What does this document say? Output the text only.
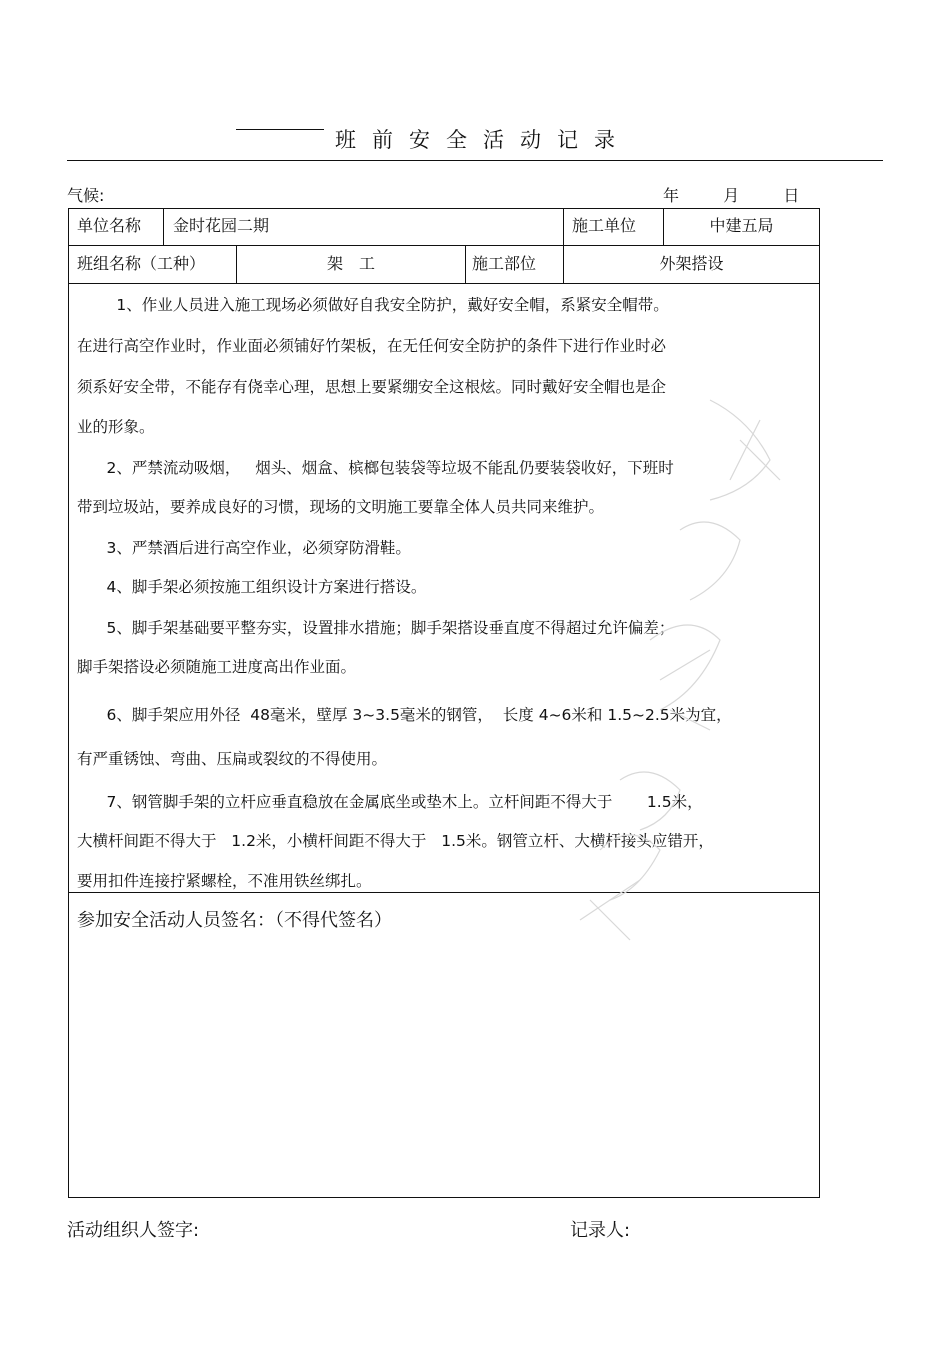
班前安全活动记录
气候:	年	月	日
单位名称 金时花园二期	施工单位	中建五局
班组名称（工种）	架　工	施工部位	外架搭设
1、作业人员进入施工现场必须做好自我安全防护，戴好安全帽，系紧安全帽带。
在进行高空作业时，作业面必须铺好竹架板，在无任何安全防护的条件下进行作业时必
须系好安全带，不能存有侥幸心理，思想上要紧绷安全这根炫。同时戴好安全帽也是企
业的形象。
2、严禁流动吸烟，   烟头、烟盒、槟榔包装袋等垃圾不能乱仍要装袋收好，下班时
带到垃圾站，要养成良好的习惯，现场的文明施工要靠全体人员共同来维护。
3、严禁酒后进行高空作业，必须穿防滑鞋。
4、脚手架必须按施工组织设计方案进行搭设。
5、脚手架基础要平整夯实，设置排水措施；脚手架搭设垂直度不得超过允许偏差；
脚手架搭设必须随施工进度高出作业面。
6、脚手架应用外径  48毫米，壁厚 3~3.5毫米的钢管，  长度 4~6米和 1.5~2.5米为宜，
有严重锈蚀、弯曲、压扁或裂纹的不得使用。
7、钢管脚手架的立杆应垂直稳放在金属底坐或垫木上。立杆间距不得大于       1.5米，
大横杆间距不得大于   1.2米，小横杆间距不得大于   1.5米。钢管立杆、大横杆接头应错开，
要用扣件连接拧紧螺栓，不准用铁丝绑扎。
参加安全活动人员签名：（不得代签名）
活动组织人签字:	记录人:
